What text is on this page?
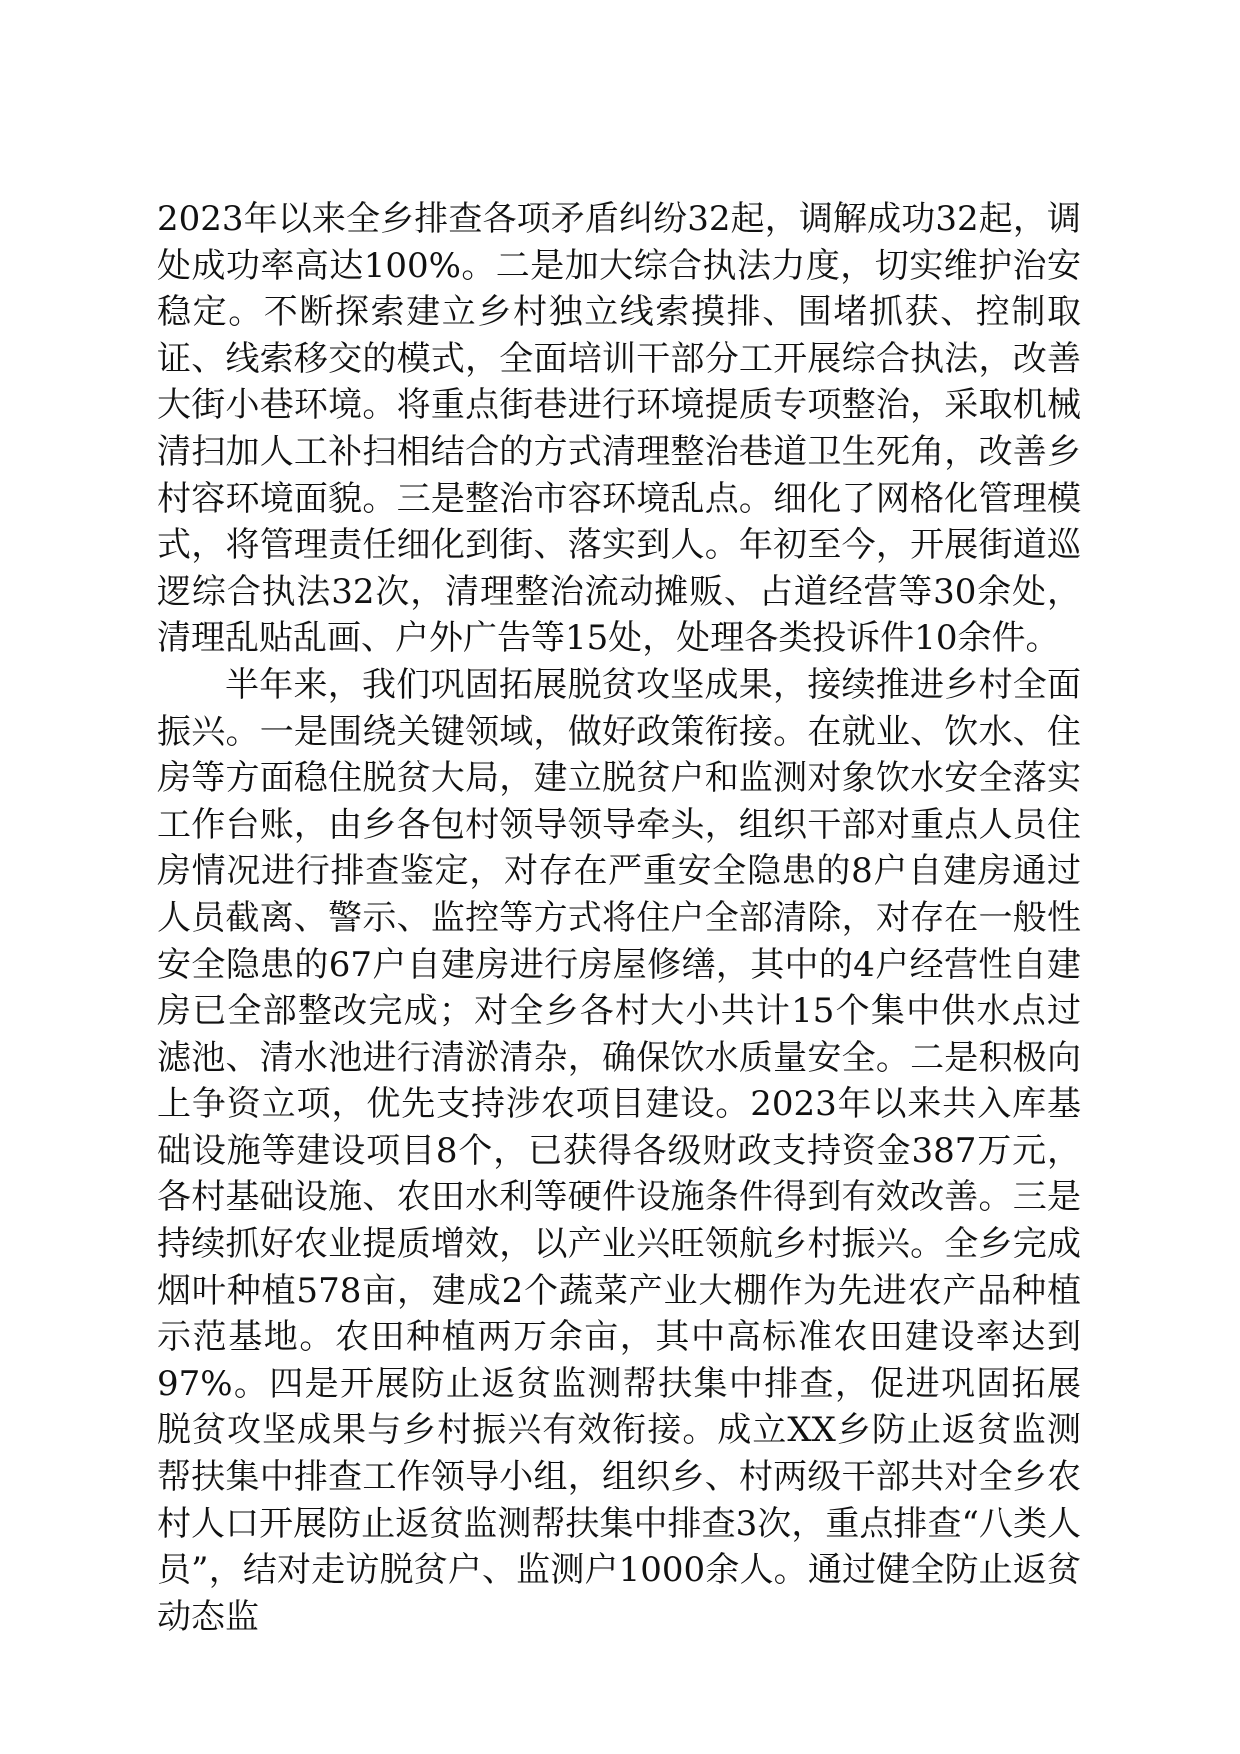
2023年以来全乡排查各项矛盾纠纷32起，调解成功32起，调处成功率高达100%。二是加大综合执法力度，切实维护治安稳定。不断探索建立乡村独立线索摸排、围堵抓获、控制取证、线索移交的模式，全面培训干部分工开展综合执法，改善大街小巷环境。将重点街巷进行环境提质专项整治，采取机械清扫加人工补扫相结合的方式清理整治巷道卫生死角，改善乡村容环境面貌。三是整治市容环境乱点。细化了网格化管理模式，将管理责任细化到街、落实到人。年初至今，开展街道巡逻综合执法32次，清理整治流动摊贩、占道经营等30余处，清理乱贴乱画、户外广告等15处，处理各类投诉件10余件。

半年来，我们巩固拓展脱贫攻坚成果，接续推进乡村全面振兴。一是围绕关键领域，做好政策衔接。在就业、饮水、住房等方面稳住脱贫大局，建立脱贫户和监测对象饮水安全落实工作台账，由乡各包村领导领导牵头，组织干部对重点人员住房情况进行排查鉴定，对存在严重安全隐患的8户自建房通过人员截离、警示、监控等方式将住户全部清除，对存在一般性安全隐患的67户自建房进行房屋修缮，其中的4户经营性自建房已全部整改完成；对全乡各村大小共计15个集中供水点过滤池、清水池进行清淤清杂，确保饮水质量安全。二是积极向上争资立项，优先支持涉农项目建设。2023年以来共入库基础设施等建设项目8个，已获得各级财政支持资金387万元，各村基础设施、农田水利等硬件设施条件得到有效改善。三是持续抓好农业提质增效，以产业兴旺领航乡村振兴。全乡完成烟叶种植578亩，建成2个蔬菜产业大棚作为先进农产品种植示范基地。农田种植两万余亩，其中高标准农田建设率达到97%。四是开展防止返贫监测帮扶集中排查，促进巩固拓展脱贫攻坚成果与乡村振兴有效衔接。成立XX乡防止返贫监测帮扶集中排查工作领导小组，组织乡、村两级干部共对全乡农村人口开展防止返贫监测帮扶集中排查3次，重点排查“八类人员”，结对走访脱贫户、监测户1000余人。通过健全防止返贫动态监
